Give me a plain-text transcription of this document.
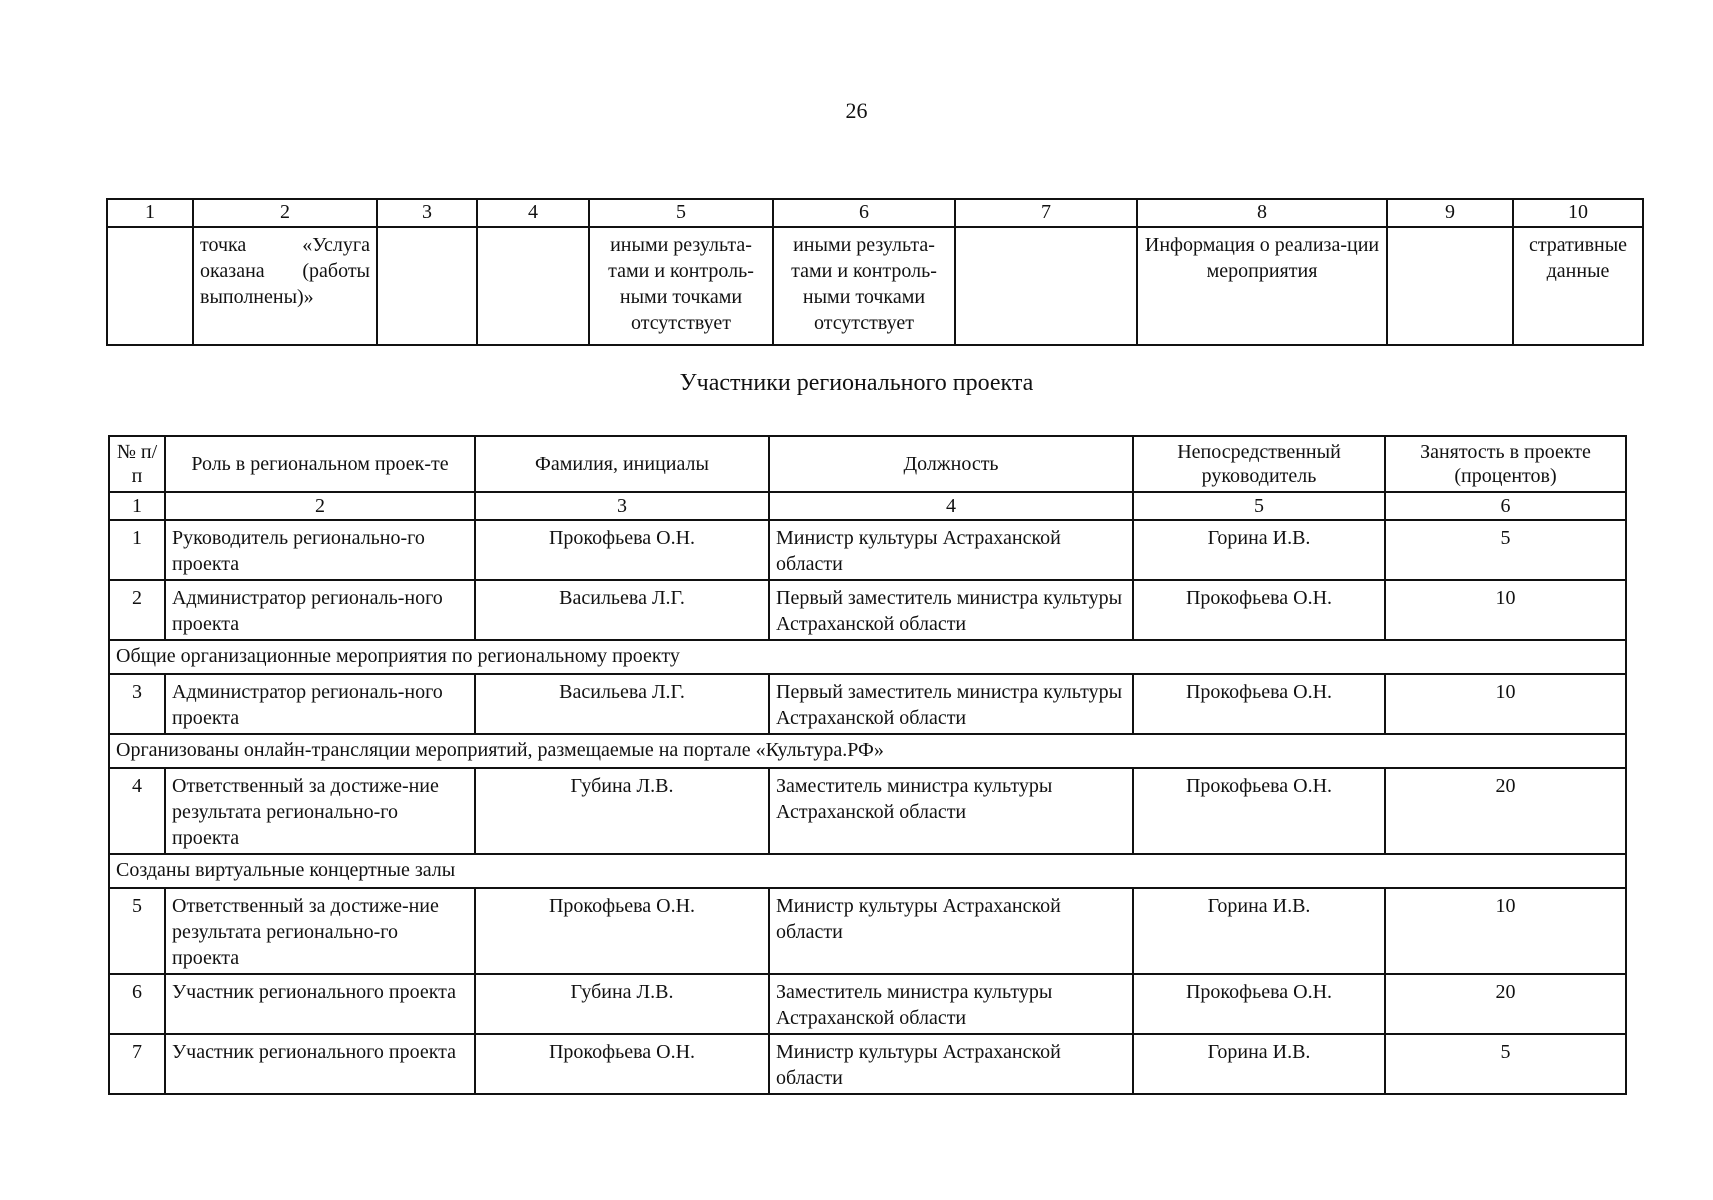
26
1	2	3	4	5	6	7	8	9	10
	точка «Услуга оказана (работы выполнены)»			иными результа-тами и контроль-ными точками отсутствует	иными результа-тами и контроль-ными точками отсутствует		Информация о реализа-ции мероприятия		стративные данные
Участники регионального проекта
№ п/п	Роль в региональном проек-те	Фамилия, инициалы	Должность	Непосредственный руководитель	Занятость в проекте (процентов)
1	2	3	4	5	6
1	Руководитель регионально-го проекта	Прокофьева О.Н.	Министр культуры Астраханской области	Горина И.В.	5
2	Администратор региональ-ного проекта	Васильева Л.Г.	Первый заместитель министра культуры Астраханской области	Прокофьева О.Н.	10
Общие организационные мероприятия по региональному проекту					
3	Администратор региональ-ного проекта	Васильева Л.Г.	Первый заместитель министра культуры Астраханской области	Прокофьева О.Н.	10
Организованы онлайн-трансляции мероприятий, размещаемые на портале «Культура.РФ»					
4	Ответственный за достиже-ние результата регионально-го проекта	Губина Л.В.	Заместитель министра культуры Астраханской области	Прокофьева О.Н.	20
Созданы виртуальные концертные залы					
5	Ответственный за достиже-ние результата регионально-го проекта	Прокофьева О.Н.	Министр культуры Астраханской области	Горина И.В.	10
6	Участник регионального проекта	Губина Л.В.	Заместитель министра культуры Астраханской области	Прокофьева О.Н.	20
7	Участник регионального проекта	Прокофьева О.Н.	Министр культуры Астраханской области	Горина И.В.	5
